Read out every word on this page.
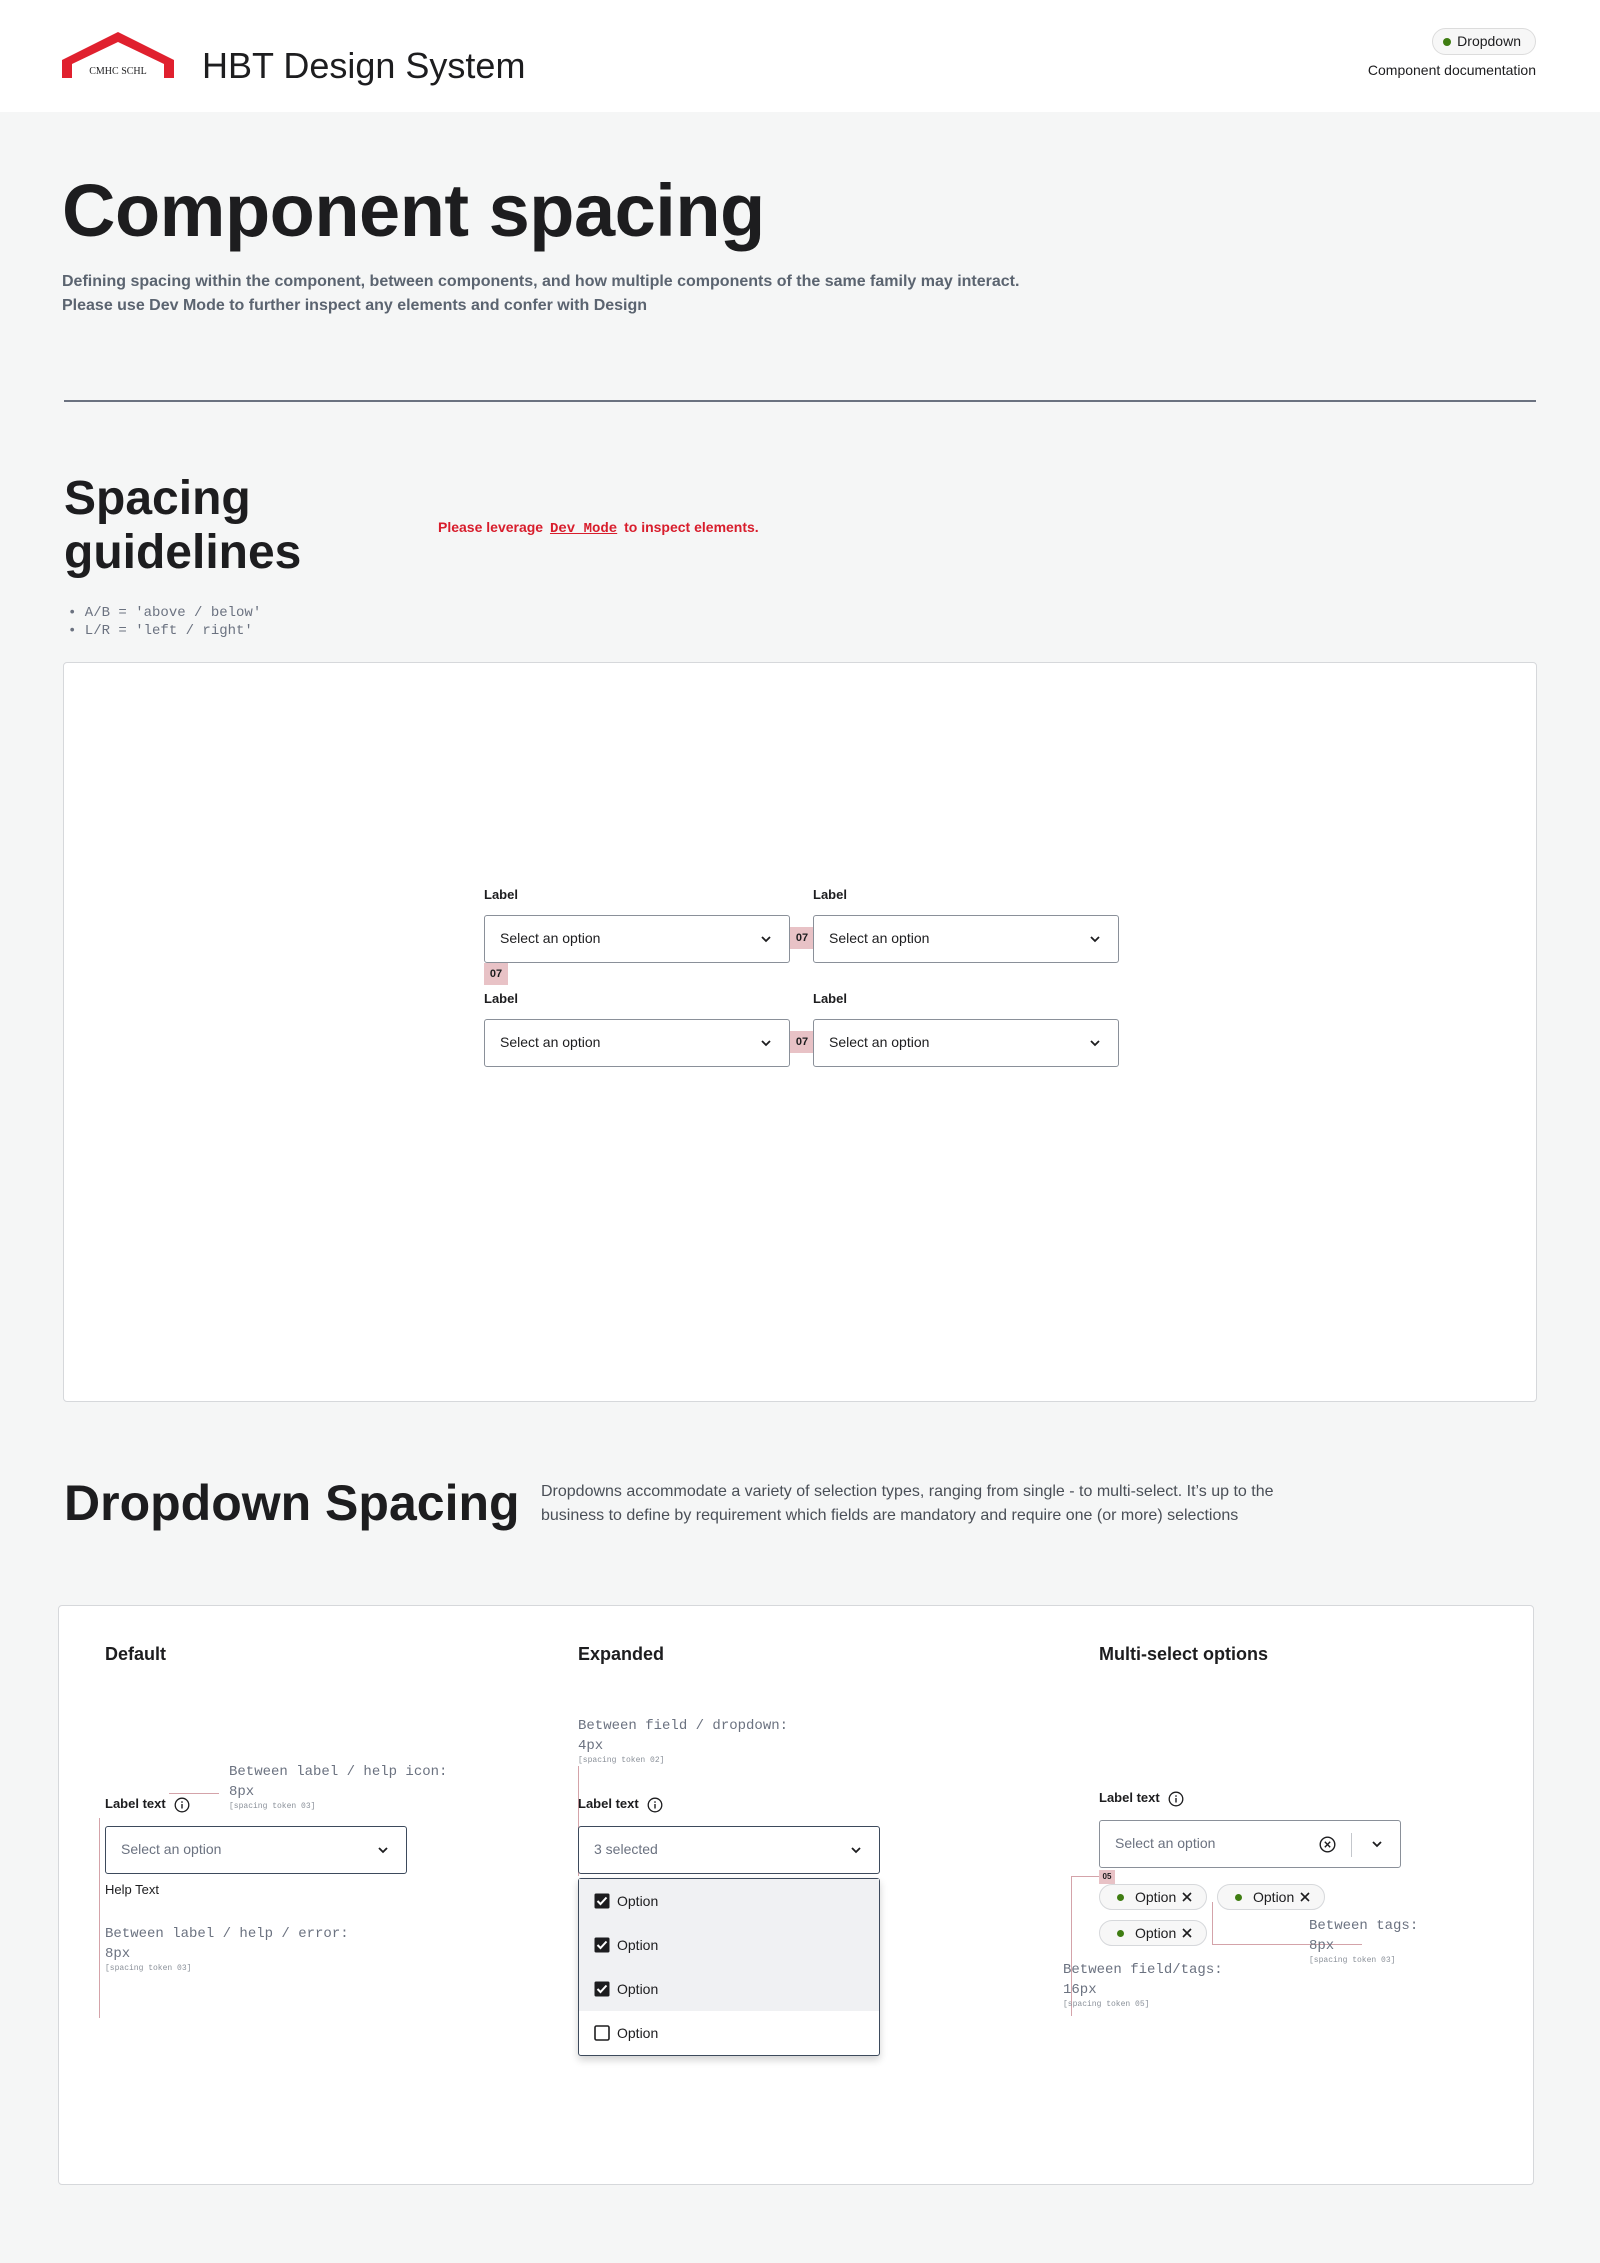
CMHC SCHL HBT Design System
Dropdown
Component documentation
Component spacing
Defining spacing within the component, between components, and how multiple components of the same family may interact.
Please use Dev Mode to further inspect any elements and confer with Design
Spacing guidelines	Please leverage Dev Mode to inspect elements.
• A/B = 'above / below'
• L/R = 'left / right'
Label
Select an option	07
Label
Select an option
07
Label
Select an option	07
Label
Select an option
Dropdown Spacing Dropdowns accommodate a variety of selection types, ranging from single - to multi-select. It’s up to the business to define by requirement which fields are mandatory and require one (or more) selections
Default
Between label / help icon:
8px
[spacing token 03]
Label text
Select an option
Help Text
Between label / help / error:
8px
[spacing token 03]
Expanded
Between field / dropdown:
4px
[spacing token 02]
Label text
3 selected
Option
Option
Option
Option
Multi-select options
Label text
Select an option
05
Option	Option
Option	Between tags:
8px
[spacing token 03]
Between field/tags:
16px
[spacing token 05]
